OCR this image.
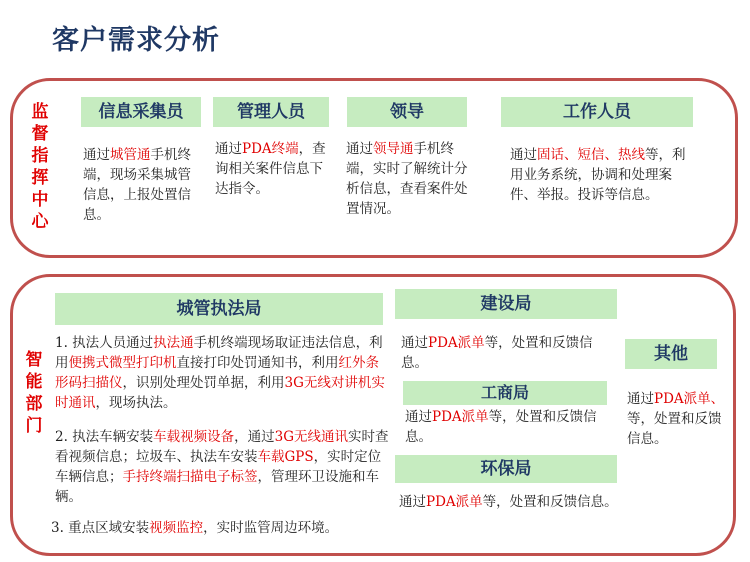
客户需求分析
监督指挥中心
信息采集员
通过城管通手机终端，现场采集城管信息，上报处置信息。
管理人员
通过PDA终端，查询相关案件信息下达指令。
领导
通过领导通手机终端，实时了解统计分析信息，查看案件处置情况。
工作人员
通过固话、短信、热线等，利用业务系统，协调和处理案件、举报。投诉等信息。
智能部门
城管执法局
1. 执法人员通过执法通手机终端现场取证违法信息，利用便携式微型打印机直接打印处罚通知书，利用红外条形码扫描仪，识别处理处罚单据，利用3G无线对讲机实时通讯，现场执法。
2. 执法车辆安装车载视频设备，通过3G无线通讯实时查看视频信息；垃圾车、执法车安装车载GPS，实时定位车辆信息；手持终端扫描电子标签，管理环卫设施和车辆。
3. 重点区域安装视频监控，实时监管周边环境。
建设局
通过PDA派单等，处置和反馈信息。
工商局
通过PDA派单等，处置和反馈信息。
环保局
通过PDA派单等，处置和反馈信息。
其他
通过PDA派单、等，处置和反馈信息。
